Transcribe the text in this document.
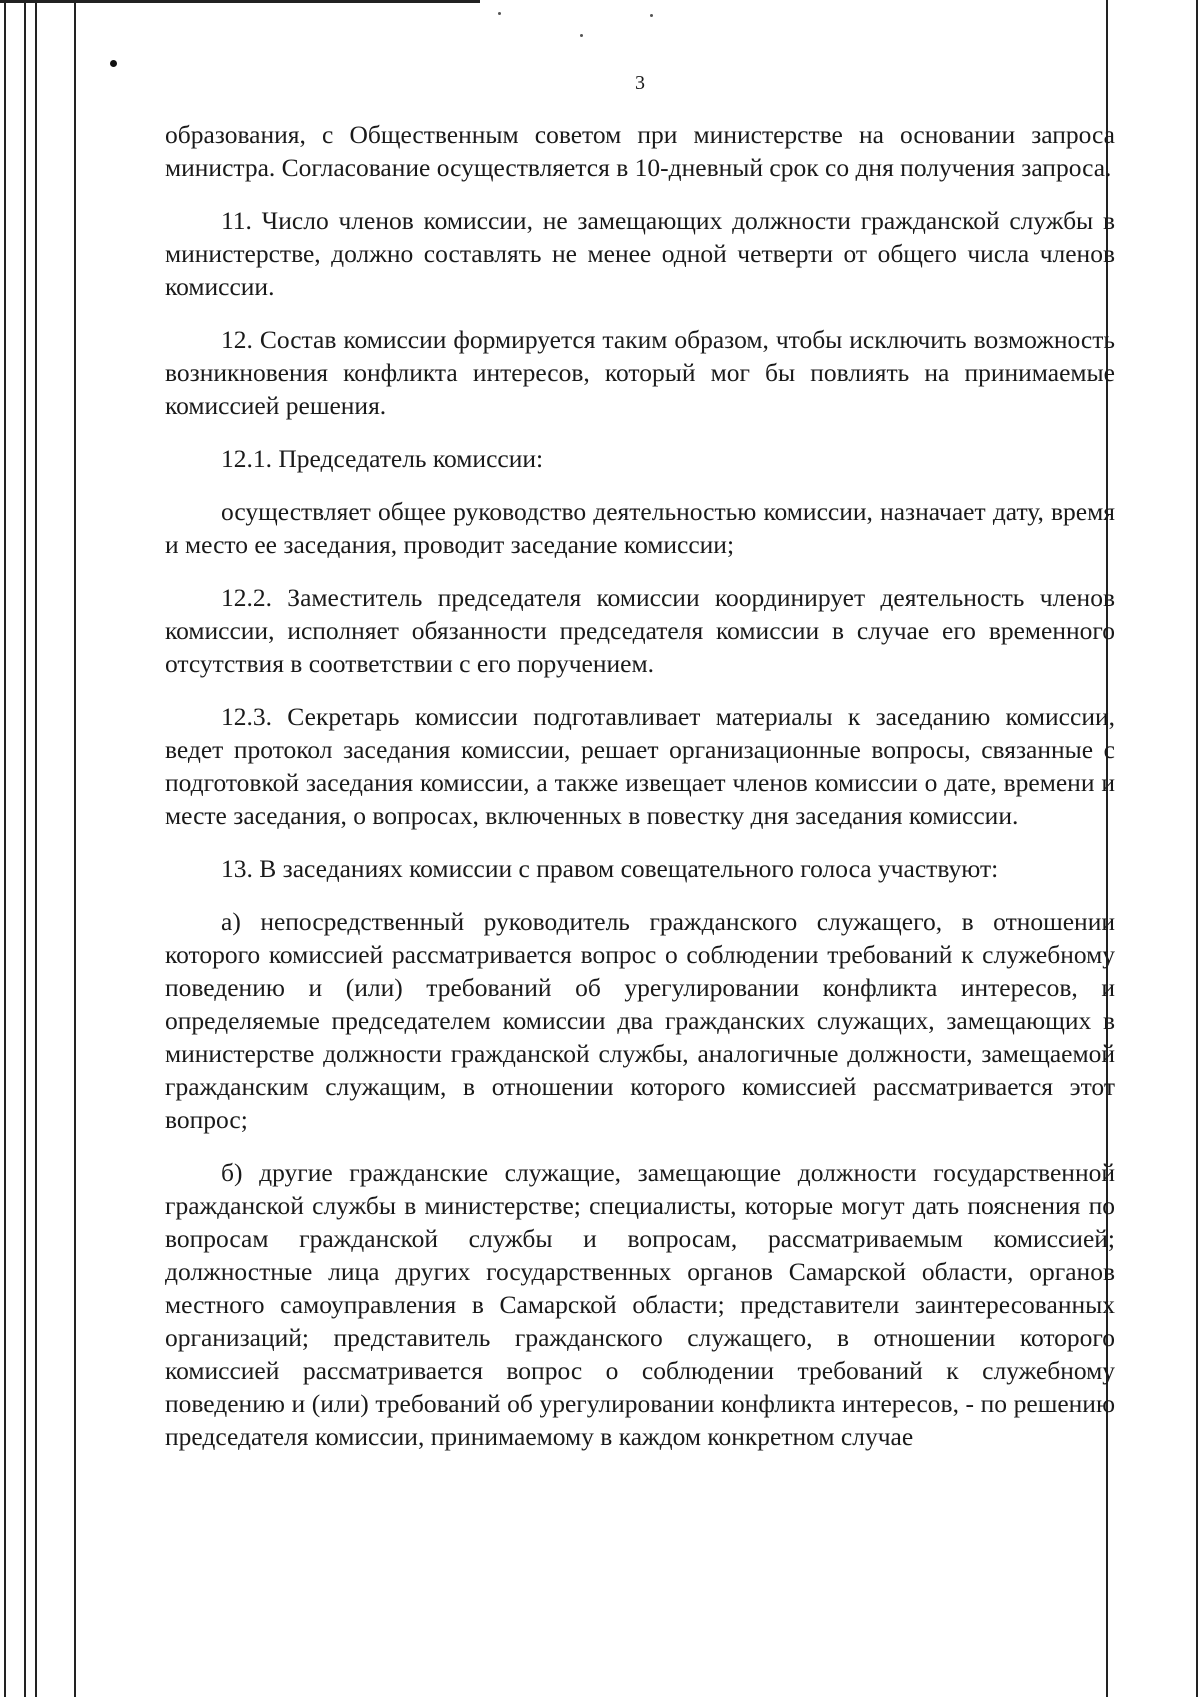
3

образования, с Общественным советом при министерстве на основании запроса министра. Согласование осуществляется в 10-дневный срок со дня получения запроса.

11. Число членов комиссии, не замещающих должности гражданской службы в министерстве, должно составлять не менее одной четверти от общего числа членов комиссии.

12. Состав комиссии формируется таким образом, чтобы исключить возможность возникновения конфликта интересов, который мог бы повлиять на принимаемые комиссией решения.

12.1. Председатель комиссии:

осуществляет общее руководство деятельностью комиссии, назначает дату, время и место ее заседания, проводит заседание комиссии;

12.2. Заместитель председателя комиссии координирует деятельность членов комиссии, исполняет обязанности председателя комиссии в случае его временного отсутствия в соответствии с его поручением.

12.3. Секретарь комиссии подготавливает материалы к заседанию комиссии, ведет протокол заседания комиссии, решает организационные вопросы, связанные с подготовкой заседания комиссии, а также извещает членов комиссии о дате, времени и месте заседания, о вопросах, включенных в повестку дня заседания комиссии.

13. В заседаниях комиссии с правом совещательного голоса участвуют:

а) непосредственный руководитель гражданского служащего, в отношении которого комиссией рассматривается вопрос о соблюдении требований к служебному поведению и (или) требований об урегулировании конфликта интересов, и определяемые председателем комиссии два гражданских служащих, замещающих в министерстве должности гражданской службы, аналогичные должности, замещаемой гражданским служащим, в отношении которого комиссией рассматривается этот вопрос;

б) другие гражданские служащие, замещающие должности государственной гражданской службы в министерстве; специалисты, которые могут дать пояснения по вопросам гражданской службы и вопросам, рассматриваемым комиссией; должностные лица других государственных органов Самарской области, органов местного самоуправления в Самарской области; представители заинтересованных организаций; представитель гражданского служащего, в отношении которого комиссией рассматривается вопрос о соблюдении требований к служебному поведению и (или) требований об урегулировании конфликта интересов, - по решению председателя комиссии, принимаемому в каждом конкретном случае
